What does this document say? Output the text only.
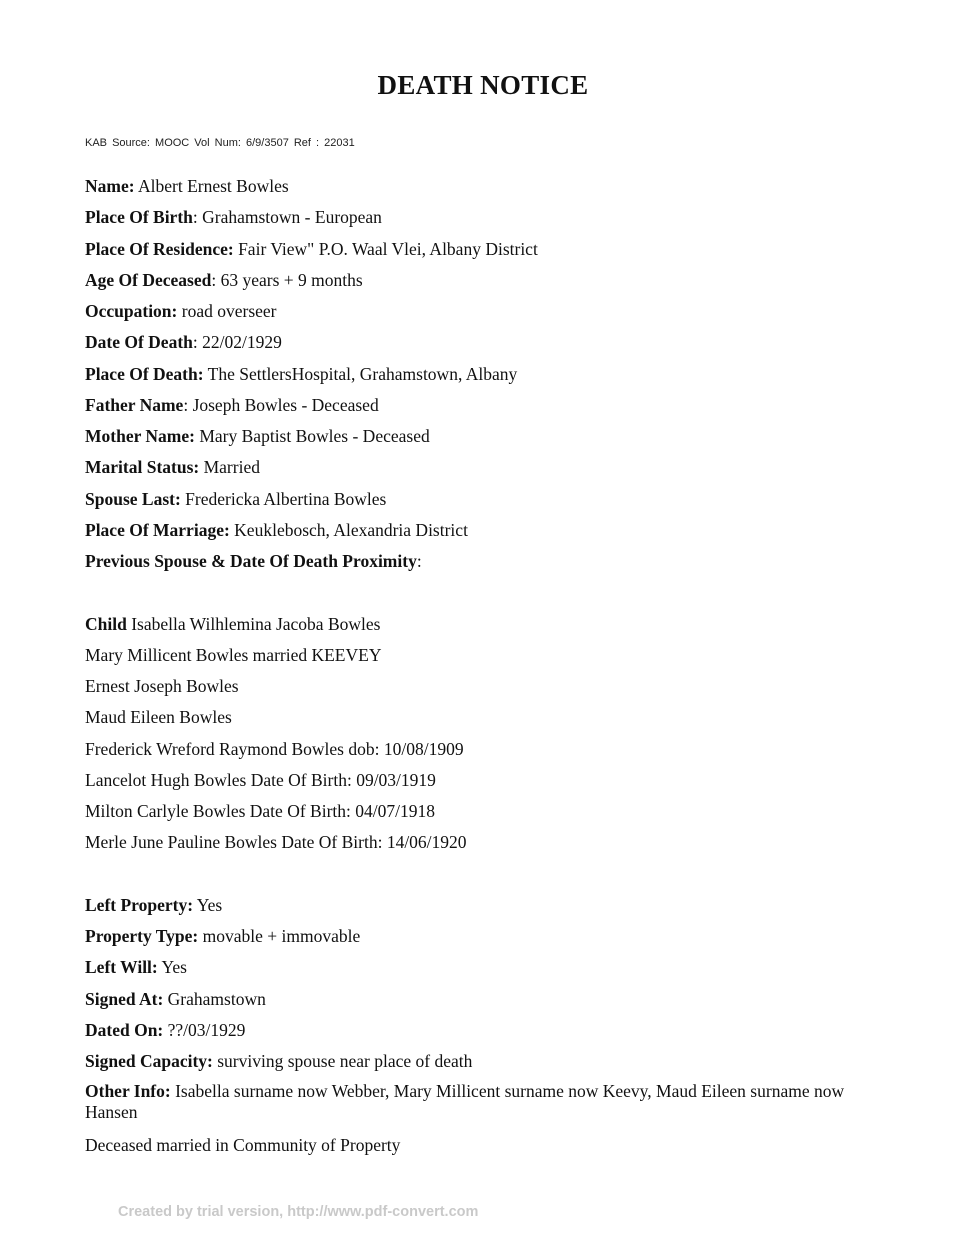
DEATH NOTICE
KAB Source: MOOC Vol Num: 6/9/3507 Ref : 22031
Name: Albert Ernest Bowles
Place Of Birth: Grahamstown - European
Place Of Residence: Fair View" P.O. Waal Vlei, Albany District
Age Of Deceased: 63 years + 9 months
Occupation: road overseer
Date Of Death: 22/02/1929
Place Of Death: The SettlersHospital, Grahamstown, Albany
Father Name: Joseph Bowles - Deceased
Mother Name: Mary Baptist Bowles - Deceased
Marital Status: Married
Spouse Last: Fredericka Albertina Bowles
Place Of Marriage: Keuklebosch, Alexandria District
Previous Spouse & Date Of Death Proximity:
Child Isabella Wilhlemina Jacoba Bowles
Mary Millicent Bowles married KEEVEY
Ernest Joseph Bowles
Maud Eileen Bowles
Frederick Wreford Raymond Bowles dob: 10/08/1909
Lancelot Hugh Bowles Date Of Birth: 09/03/1919
Milton Carlyle Bowles Date Of Birth: 04/07/1918
Merle June Pauline Bowles Date Of Birth: 14/06/1920
Left Property: Yes
Property Type: movable + immovable
Left Will: Yes
Signed At: Grahamstown
Dated On: ??/03/1929
Signed Capacity: surviving spouse near place of death
Other Info: Isabella surname now Webber, Mary Millicent surname now Keevy, Maud Eileen surname now Hansen
Deceased married in Community of Property
Created by trial version, http://www.pdf-convert.com
